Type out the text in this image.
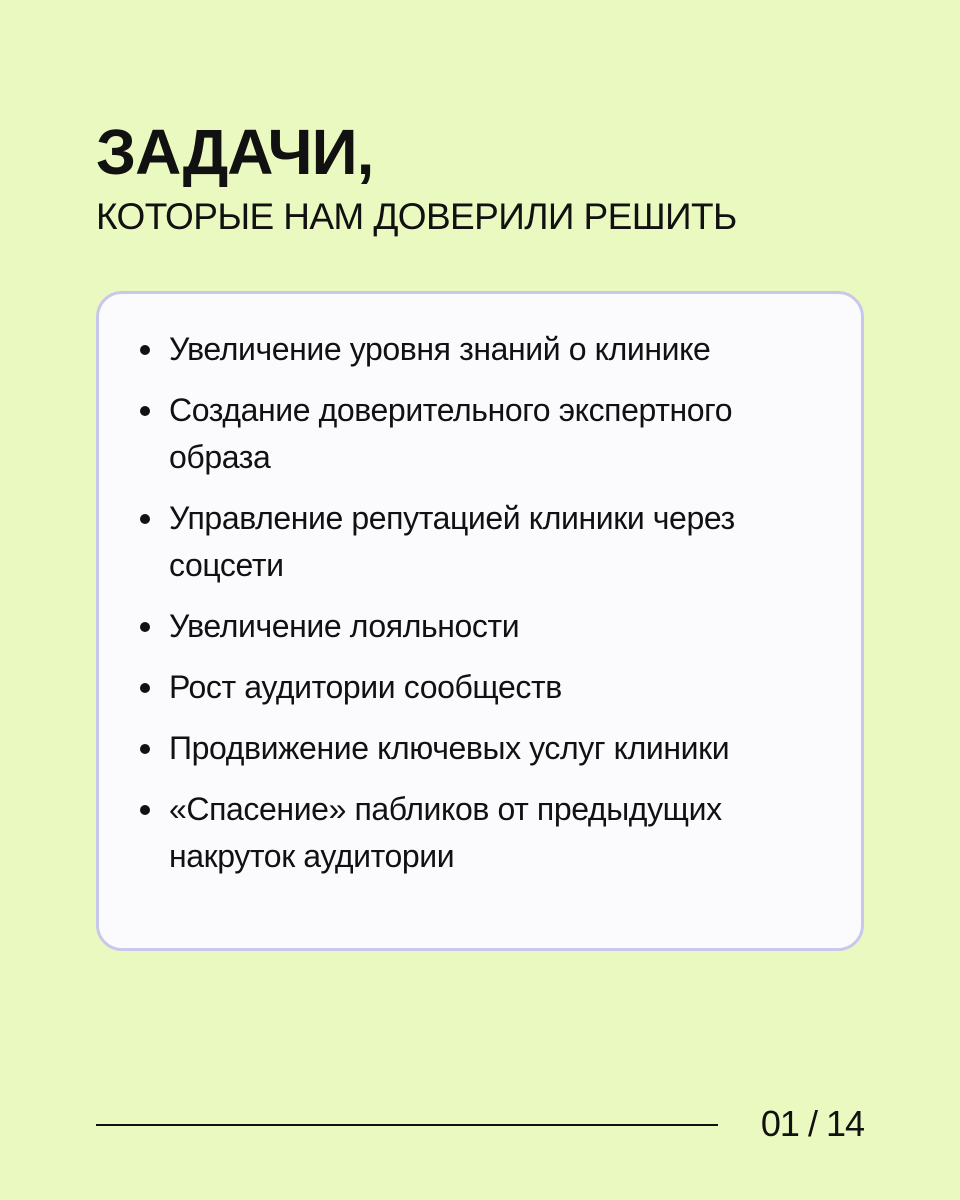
ЗАДАЧИ,
КОТОРЫЕ НАМ ДОВЕРИЛИ РЕШИТЬ
Увеличение уровня знаний о клинике
Создание доверительного экспертного образа
Управление репутацией клиники через соцсети
Увеличение лояльности
Рост аудитории сообществ
Продвижение ключевых услуг клиники
«Спасение» пабликов от предыдущих накруток аудитории
01 / 14
